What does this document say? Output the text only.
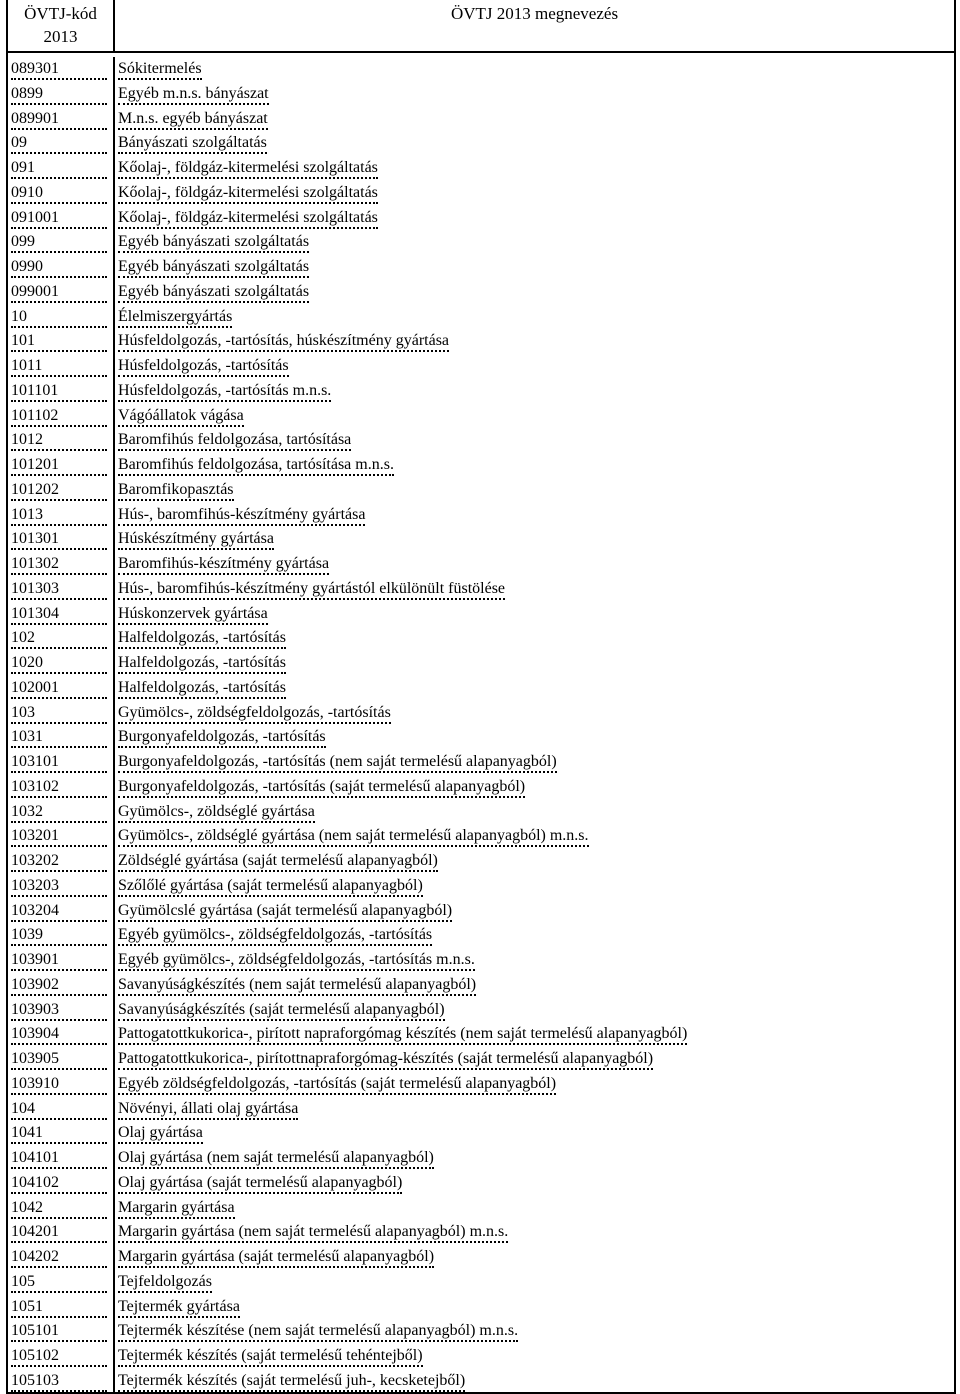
ÖVTJ-kód 2013
ÖVTJ 2013 megnevezés
089301	Sókitermelés
0899	Egyéb m.n.s. bányászat
089901	M.n.s. egyéb bányászat
09	Bányászati szolgáltatás
091	Kőolaj-, földgáz-kitermelési szolgáltatás
0910	Kőolaj-, földgáz-kitermelési szolgáltatás
091001	Kőolaj-, földgáz-kitermelési szolgáltatás
099	Egyéb bányászati szolgáltatás
0990	Egyéb bányászati szolgáltatás
099001	Egyéb bányászati szolgáltatás
10	Élelmiszergyártás
101	Húsfeldolgozás, -tartósítás, húskészítmény gyártása
1011	Húsfeldolgozás, -tartósítás
101101	Húsfeldolgozás, -tartósítás m.n.s.
101102	Vágóállatok vágása
1012	Baromfihús feldolgozása, tartósítása
101201	Baromfihús feldolgozása, tartósítása m.n.s.
101202	Baromfikopasztás
1013	Hús-, baromfihús-készítmény gyártása
101301	Húskészítmény gyártása
101302	Baromfihús-készítmény gyártása
101303	Hús-, baromfihús-készítmény gyártástól elkülönült füstölése
101304	Húskonzervek gyártása
102	Halfeldolgozás, -tartósítás
1020	Halfeldolgozás, -tartósítás
102001	Halfeldolgozás, -tartósítás
103	Gyümölcs-, zöldségfeldolgozás, -tartósítás
1031	Burgonyafeldolgozás, -tartósítás
103101	Burgonyafeldolgozás, -tartósítás (nem saját termelésű alapanyagból)
103102	Burgonyafeldolgozás, -tartósítás (saját termelésű alapanyagból)
1032	Gyümölcs-, zöldséglé gyártása
103201	Gyümölcs-, zöldséglé gyártása (nem saját termelésű alapanyagból) m.n.s.
103202	Zöldséglé gyártása (saját termelésű alapanyagból)
103203	Szőlőlé gyártása (saját termelésű alapanyagból)
103204	Gyümölcslé gyártása (saját termelésű alapanyagból)
1039	Egyéb gyümölcs-, zöldségfeldolgozás, -tartósítás
103901	Egyéb gyümölcs-, zöldségfeldolgozás, -tartósítás m.n.s.
103902	Savanyúságkészítés (nem saját termelésű alapanyagból)
103903	Savanyúságkészítés (saját termelésű alapanyagból)
103904	Pattogatottkukorica-, pirított napraforgómag készítés (nem saját termelésű alapanyagból)
103905	Pattogatottkukorica-, pirítottnapraforgómag-készítés (saját termelésű alapanyagból)
103910	Egyéb zöldségfeldolgozás, -tartósítás (saját termelésű alapanyagból)
104	Növényi, állati olaj gyártása
1041	Olaj gyártása
104101	Olaj gyártása (nem saját termelésű alapanyagból)
104102	Olaj gyártása (saját termelésű alapanyagból)
1042	Margarin gyártása
104201	Margarin gyártása (nem saját termelésű alapanyagból) m.n.s.
104202	Margarin gyártása (saját termelésű alapanyagból)
105	Tejfeldolgozás
1051	Tejtermék gyártása
105101	Tejtermék készítése (nem saját termelésű alapanyagból) m.n.s.
105102	Tejtermék készítés (saját termelésű tehéntejből)
105103	Tejtermék készítés (saját termelésű juh-, kecsketejből)
